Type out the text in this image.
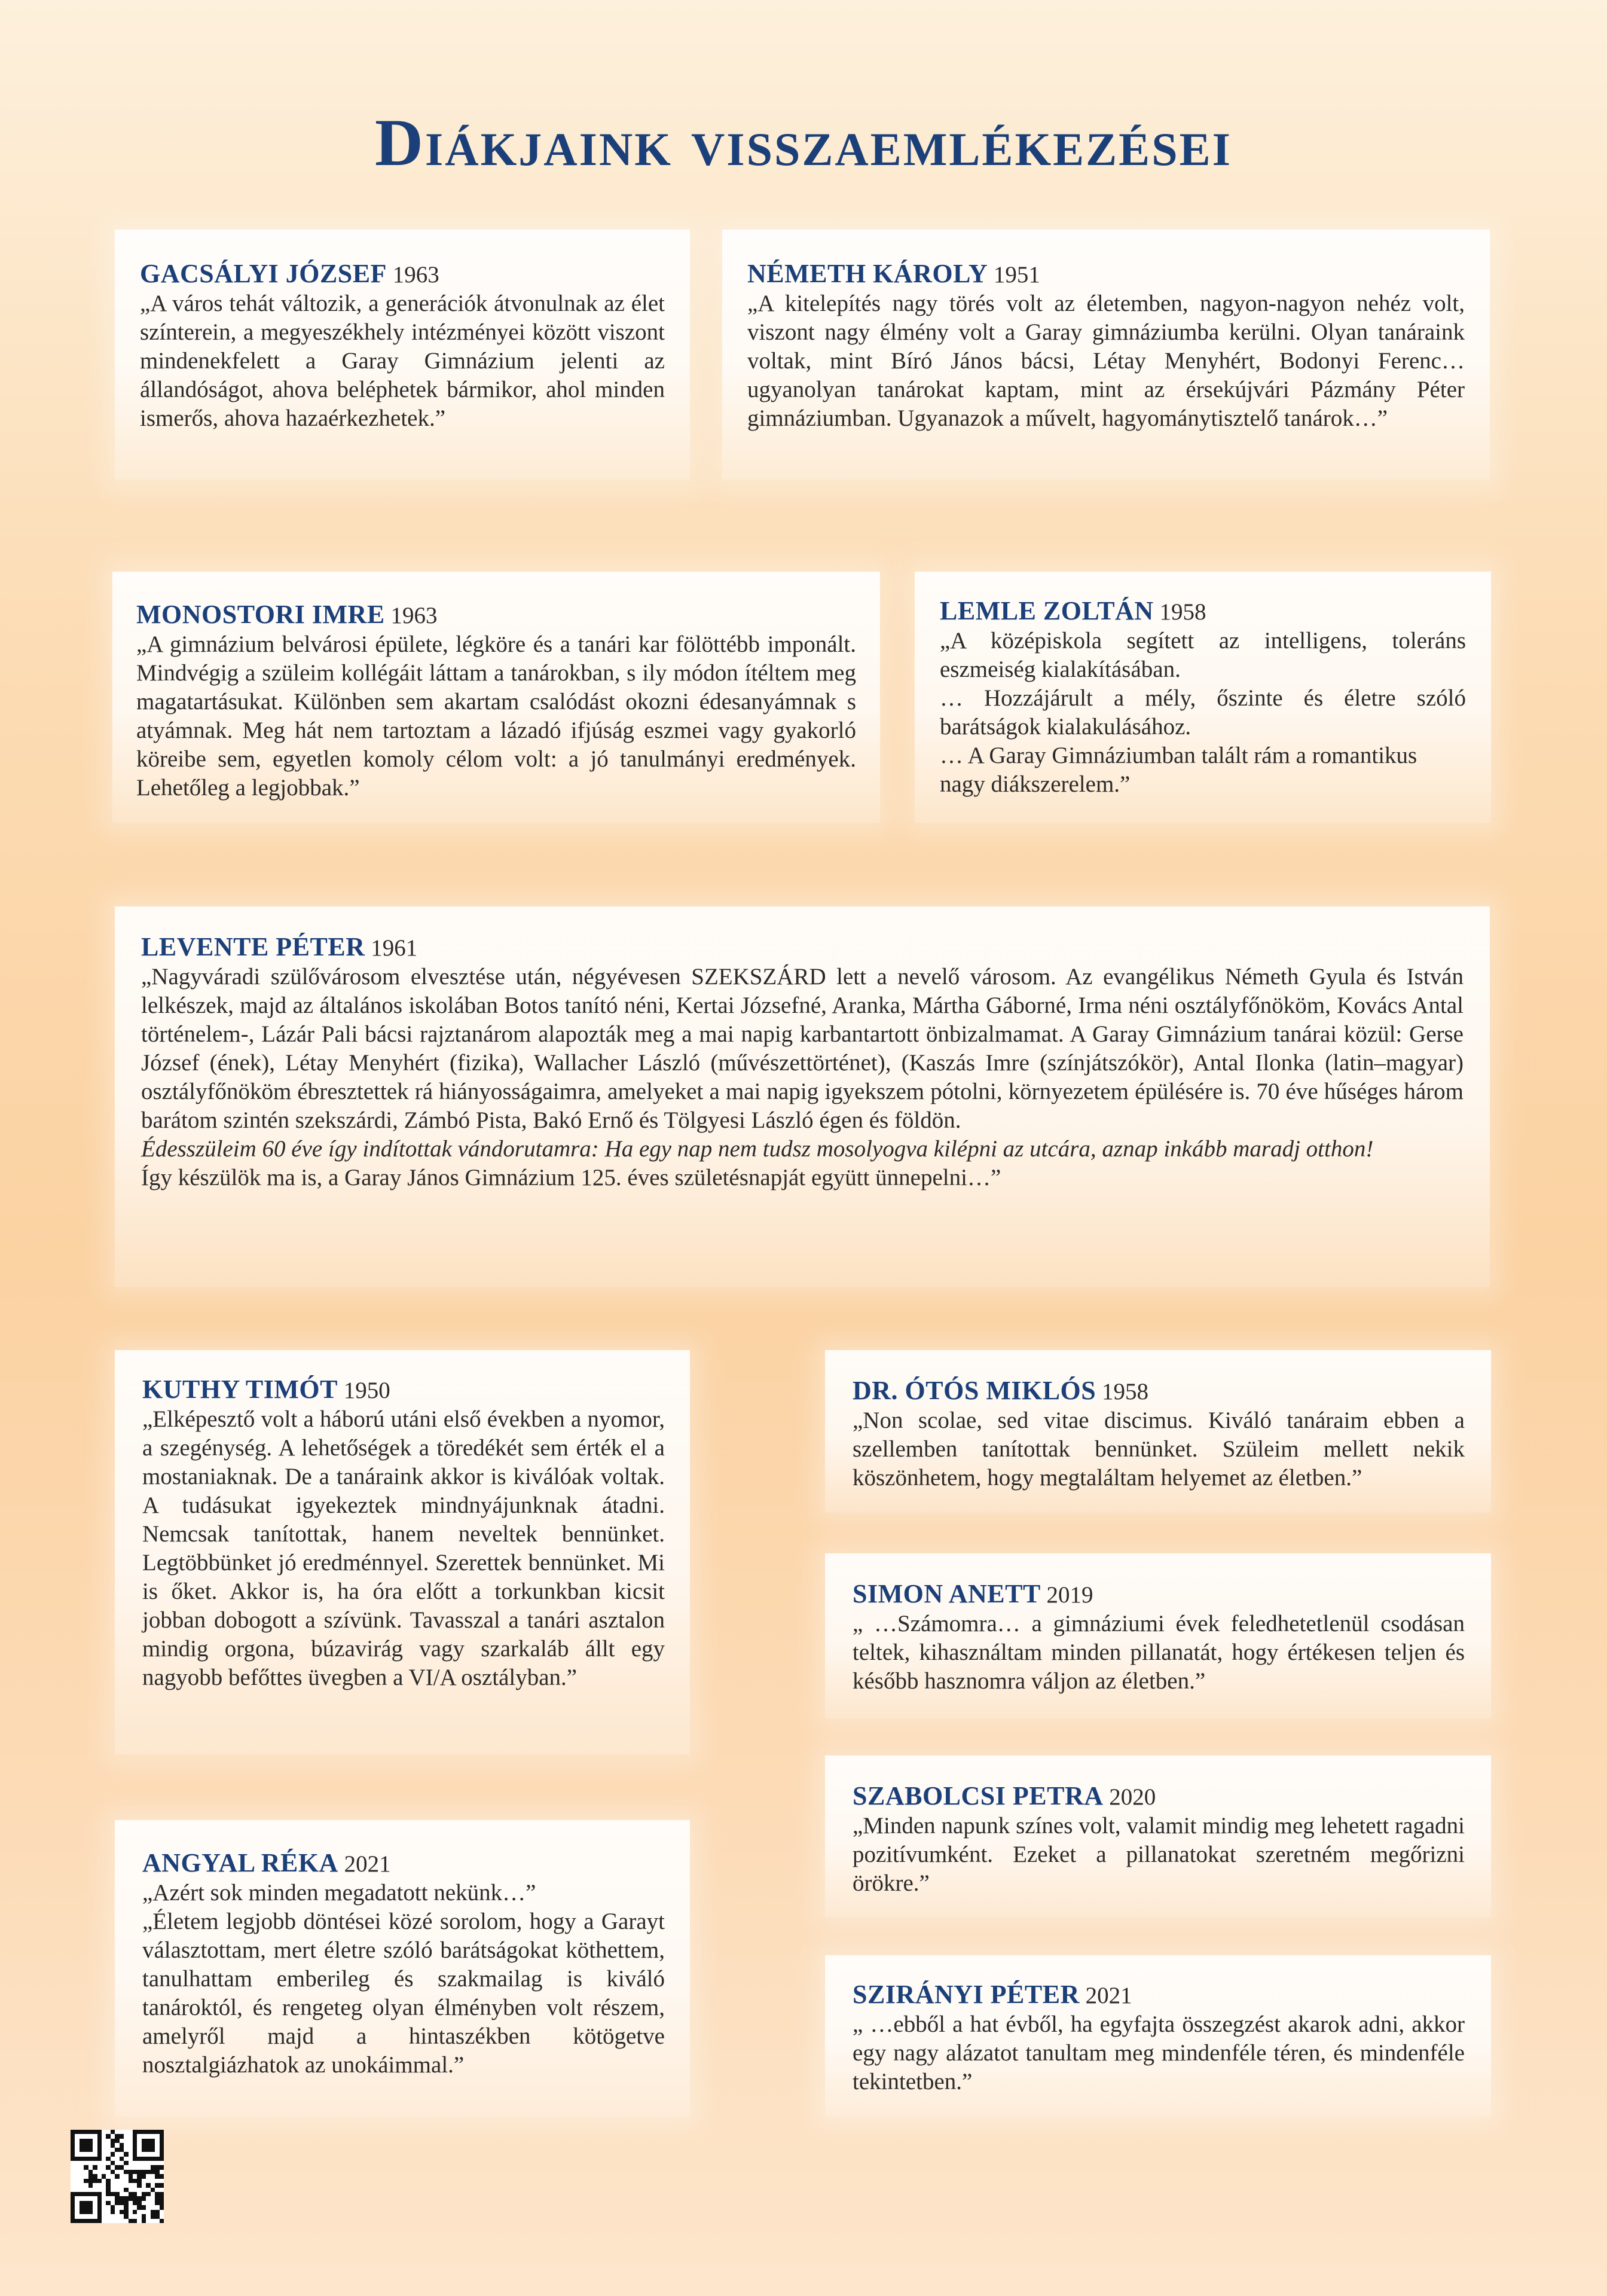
Diákjaink visszaemlékezései
GACSÁLYI JÓZSEF 1963

„A város tehát változik, a generációk átvonulnak az élet színterein, a megyeszékhely intézményei között viszont mindenekfelett a Garay Gimnázium jelenti az állandóságot, ahova beléphetek bármikor, ahol minden ismerős, ahova hazaérkezhetek.”

NÉMETH KÁROLY 1951

„A kitelepítés nagy törés volt az életemben, nagyon-nagyon nehéz volt, viszont nagy élmény volt a Garay gimnáziumba kerülni. Olyan tanáraink voltak, mint Bíró János bácsi, Létay Menyhért, Bodonyi Ferenc… ugyanolyan tanárokat kaptam, mint az érsekújvári Pázmány Péter gimnáziumban. Ugyanazok a művelt, hagyománytisztelő tanárok…”

MONOSTORI IMRE 1963

„A gimnázium belvárosi épülete, légköre és a tanári kar fölöttébb imponált. Mindvégig a szüleim kollégáit láttam a tanárokban, s ily módon ítéltem meg magatartásukat. Különben sem akartam csalódást okozni édesanyámnak s atyámnak. Meg hát nem tartoztam a lázadó ifjúság eszmei vagy gyakorló köreibe sem, egyetlen komoly célom volt: a jó tanulmányi eredmények. Lehetőleg a legjobbak.”

LEMLE ZOLTÁN 1958

„A középiskola segített az intelligens, toleráns eszmeiség kialakításában.

… Hozzájárult a mély, őszinte és életre szóló barátságok kialakulásához.

… A Garay Gimnáziumban talált rám a romantikus nagy diákszerelem.”

LEVENTE PÉTER 1961

„Nagyváradi szülővárosom elvesztése után, négyévesen SZEKSZÁRD lett a nevelő városom. Az evangélikus Németh Gyula és István lelkészek, majd az általános iskolában Botos tanító néni, Kertai Józsefné, Aranka, Mártha Gáborné, Irma néni osztályfőnököm, Kovács Antal történelem-, Lázár Pali bácsi rajztanárom alapozták meg a mai napig karbantartott önbizalmamat. A Garay Gimnázium tanárai közül: Gerse József (ének), Létay Menyhért (fizika), Wallacher László (művészettörténet), (Kaszás Imre (színjátszókör), Antal Ilonka (latin–magyar) osztályfőnököm ébresztettek rá hiányosságaimra, amelyeket a mai napig igyekszem pótolni, környezetem épülésére is. 70 éve hűséges három barátom szintén szekszárdi, Zámbó Pista, Bakó Ernő és Tölgyesi László égen és földön.

Édesszüleim 60 éve így indítottak vándorutamra: Ha egy nap nem tudsz mosolyogva kilépni az utcára, aznap inkább maradj otthon!

Így készülök ma is, a Garay János Gimnázium 125. éves születésnapját együtt ünnepelni…”

KUTHY TIMÓT 1950

„Elképesztő volt a háború utáni első években a nyomor, a szegénység. A lehetőségek a töredékét sem érték el a mostaniaknak. De a tanáraink akkor is kiválóak voltak. A tudásukat igyekeztek mindnyájunknak átadni. Nemcsak tanítottak, hanem neveltek bennünket. Legtöbbünket jó eredménnyel. Szerettek bennünket. Mi is őket. Akkor is, ha óra előtt a torkunkban kicsit jobban dobogott a szívünk. Tavasszal a tanári asztalon mindig orgona, búzavirág vagy szarkaláb állt egy nagyobb befőttes üvegben a VI/A osztályban.”

DR. ÓTÓS MIKLÓS 1958

„Non scolae, sed vitae discimus. Kiváló tanáraim ebben a szellemben tanítottak bennünket. Szüleim mellett nekik köszönhetem, hogy megtaláltam helyemet az életben.”

SIMON ANETT 2019

„ …Számomra… a gimnáziumi évek feledhetetlenül csodásan teltek, kihasználtam minden pillanatát, hogy értékesen teljen és később hasznomra váljon az életben.”

SZABOLCSI PETRA 2020

„Minden napunk színes volt, valamit mindig meg lehetett ragadni pozitívumként. Ezeket a pillanatokat szeretném megőrizni örökre.”

ANGYAL RÉKA 2021

„Azért sok minden megadatott nekünk…”

„Életem legjobb döntései közé sorolom, hogy a Garayt választottam, mert életre szóló barátságokat köthettem, tanulhattam emberileg és szakmailag is kiváló tanároktól, és rengeteg olyan élményben volt részem, amelyről majd a hintaszékben kötögetve nosztalgiázhatok az unokáimmal.”

SZIRÁNYI PÉTER 2021

„ …ebből a hat évből, ha egyfajta összegzést akarok adni, akkor egy nagy alázatot tanultam meg mindenféle téren, és mindenféle tekintetben.”
